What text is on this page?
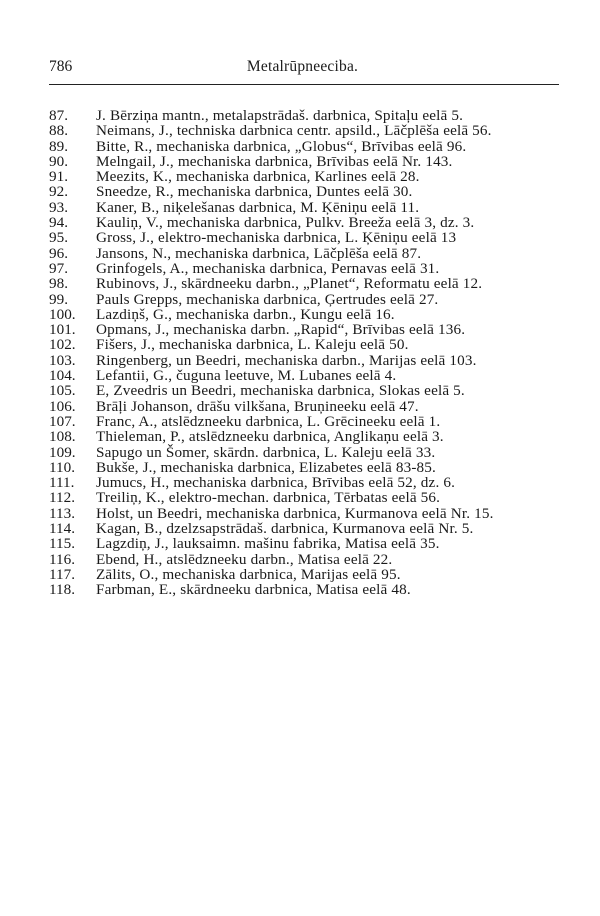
Metalrūpneeciba.
786
87.	J. Bērziņa mantn., metalapstrādaš. darbnica, Spitaļu eelā 5.
88.	Neimans, J., techniska darbnica centr. apsild., Lāčplēša eelā 56.
89.	Bitte, R., mechaniska darbnica, „Globus“, Brīvibas eelā 96.
90.	Melngail, J., mechaniska darbnica, Brīvibas eelā Nr. 143.
91.	Meezits, K., mechaniska darbnica, Karlines eelā 28.
92.	Sneedze, R., mechaniska darbnica, Duntes eelā 30.
93.	Kaner, B., niķelešanas darbnica, M. Ķēniņu eelā 11.
94.	Kauliņ, V., mechaniska darbnica, Pulkv. Breeža eelā 3, dz. 3.
95.	Gross, J., elektro-mechaniska darbnica, L. Ķēniņu eelā 13
96.	Jansons, N., mechaniska darbnica, Lāčplēša eelā 87.
97.	Grinfogels, A., mechaniska darbnica, Pernavas eelā 31.
98.	Rubinovs, J., skārdneeku darbn., „Planet“, Reformatu eelā 12.
99.	Pauls Grepps, mechaniska darbnica, Ģertrudes eelā 27.
100.	Lazdiņš, G., mechaniska darbn., Kungu eelā 16.
101.	Opmans, J., mechaniska darbn. „Rapid“, Brīvibas eelā 136.
102.	Fišers, J., mechaniska darbnica, L. Kaleju eelā 50.
103.	Ringenberg, un Beedri, mechaniska darbn., Marijas eelā 103.
104.	Lefantii, G., čuguna leetuve, M. Lubanes eelā 4.
105.	E, Zveedris un Beedri, mechaniska darbnica, Slokas eelā 5.
106.	Brāļi Johanson, drāšu vilkšana, Bruņineeku eelā 47.
107.	Franc, A., atslēdzneeku darbnica, L. Grēcineeku eelā 1.
108.	Thieleman, P., atslēdzneeku darbnica, Anglikaņu eelā 3.
109.	Sapugo un Šomer, skārdn. darbnica, L. Kaleju eelā 33.
110.	Bukše, J., mechaniska darbnica, Elizabetes eelā 83-85.
111.	Jumucs, H., mechaniska darbnica, Brīvibas eelā 52, dz. 6.
112.	Treiliņ, K., elektro-mechan. darbnica, Tērbatas eelā 56.
113.	Holst, un Beedri, mechaniska darbnica, Kurmanova eelā Nr. 15.
114.	Kagan, B., dzelzsapstrādaš. darbnica, Kurmanova eelā Nr. 5.
115.	Lagzdiņ, J., lauksaimn. mašinu fabrika, Matisa eelā 35.
116.	Ebend, H., atslēdzneeku darbn., Matisa eelā 22.
117.	Zālits, O., mechaniska darbnica, Marijas eelā 95.
118.	Farbman, E., skārdneeku darbnica, Matisa eelā 48.
